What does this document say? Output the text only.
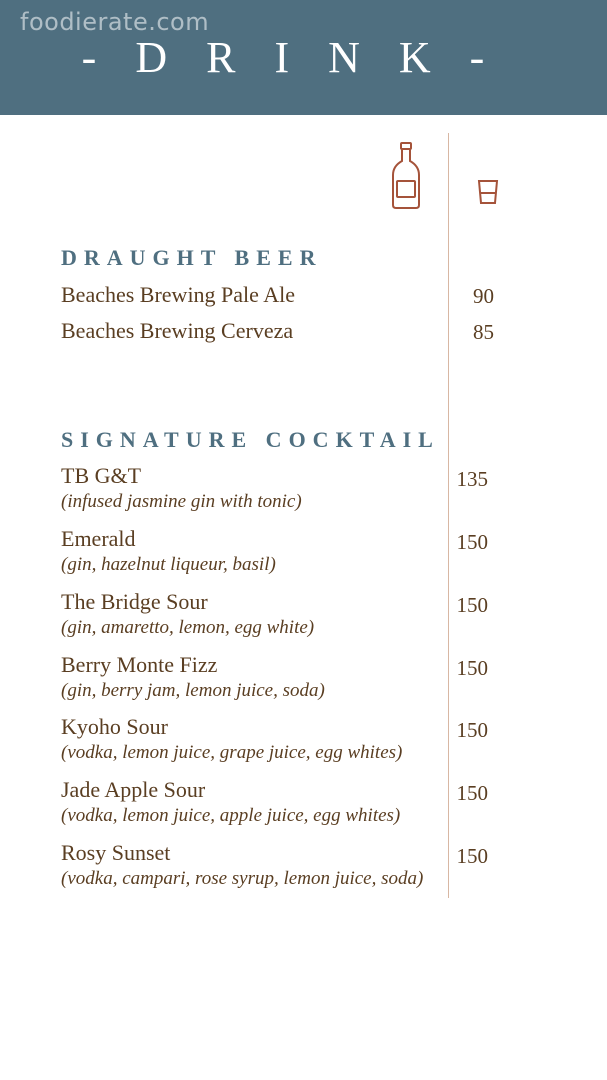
foodierate.com
- D R I N K -
DRAUGHT BEER
Beaches Brewing Pale Ale	90
Beaches Brewing Cerveza	85
SIGNATURE COCKTAIL
TB G&T
(infused jasmine gin with tonic)
135
Emerald
(gin, hazelnut liqueur, basil)
150
The Bridge Sour
(gin, amaretto, lemon, egg white)
150
Berry Monte Fizz
(gin, berry jam, lemon juice, soda)
150
Kyoho Sour
(vodka, lemon juice, grape juice, egg whites)
150
Jade Apple Sour
(vodka, lemon juice, apple juice, egg whites)
150
Rosy Sunset
(vodka, campari, rose syrup, lemon juice, soda)
150
